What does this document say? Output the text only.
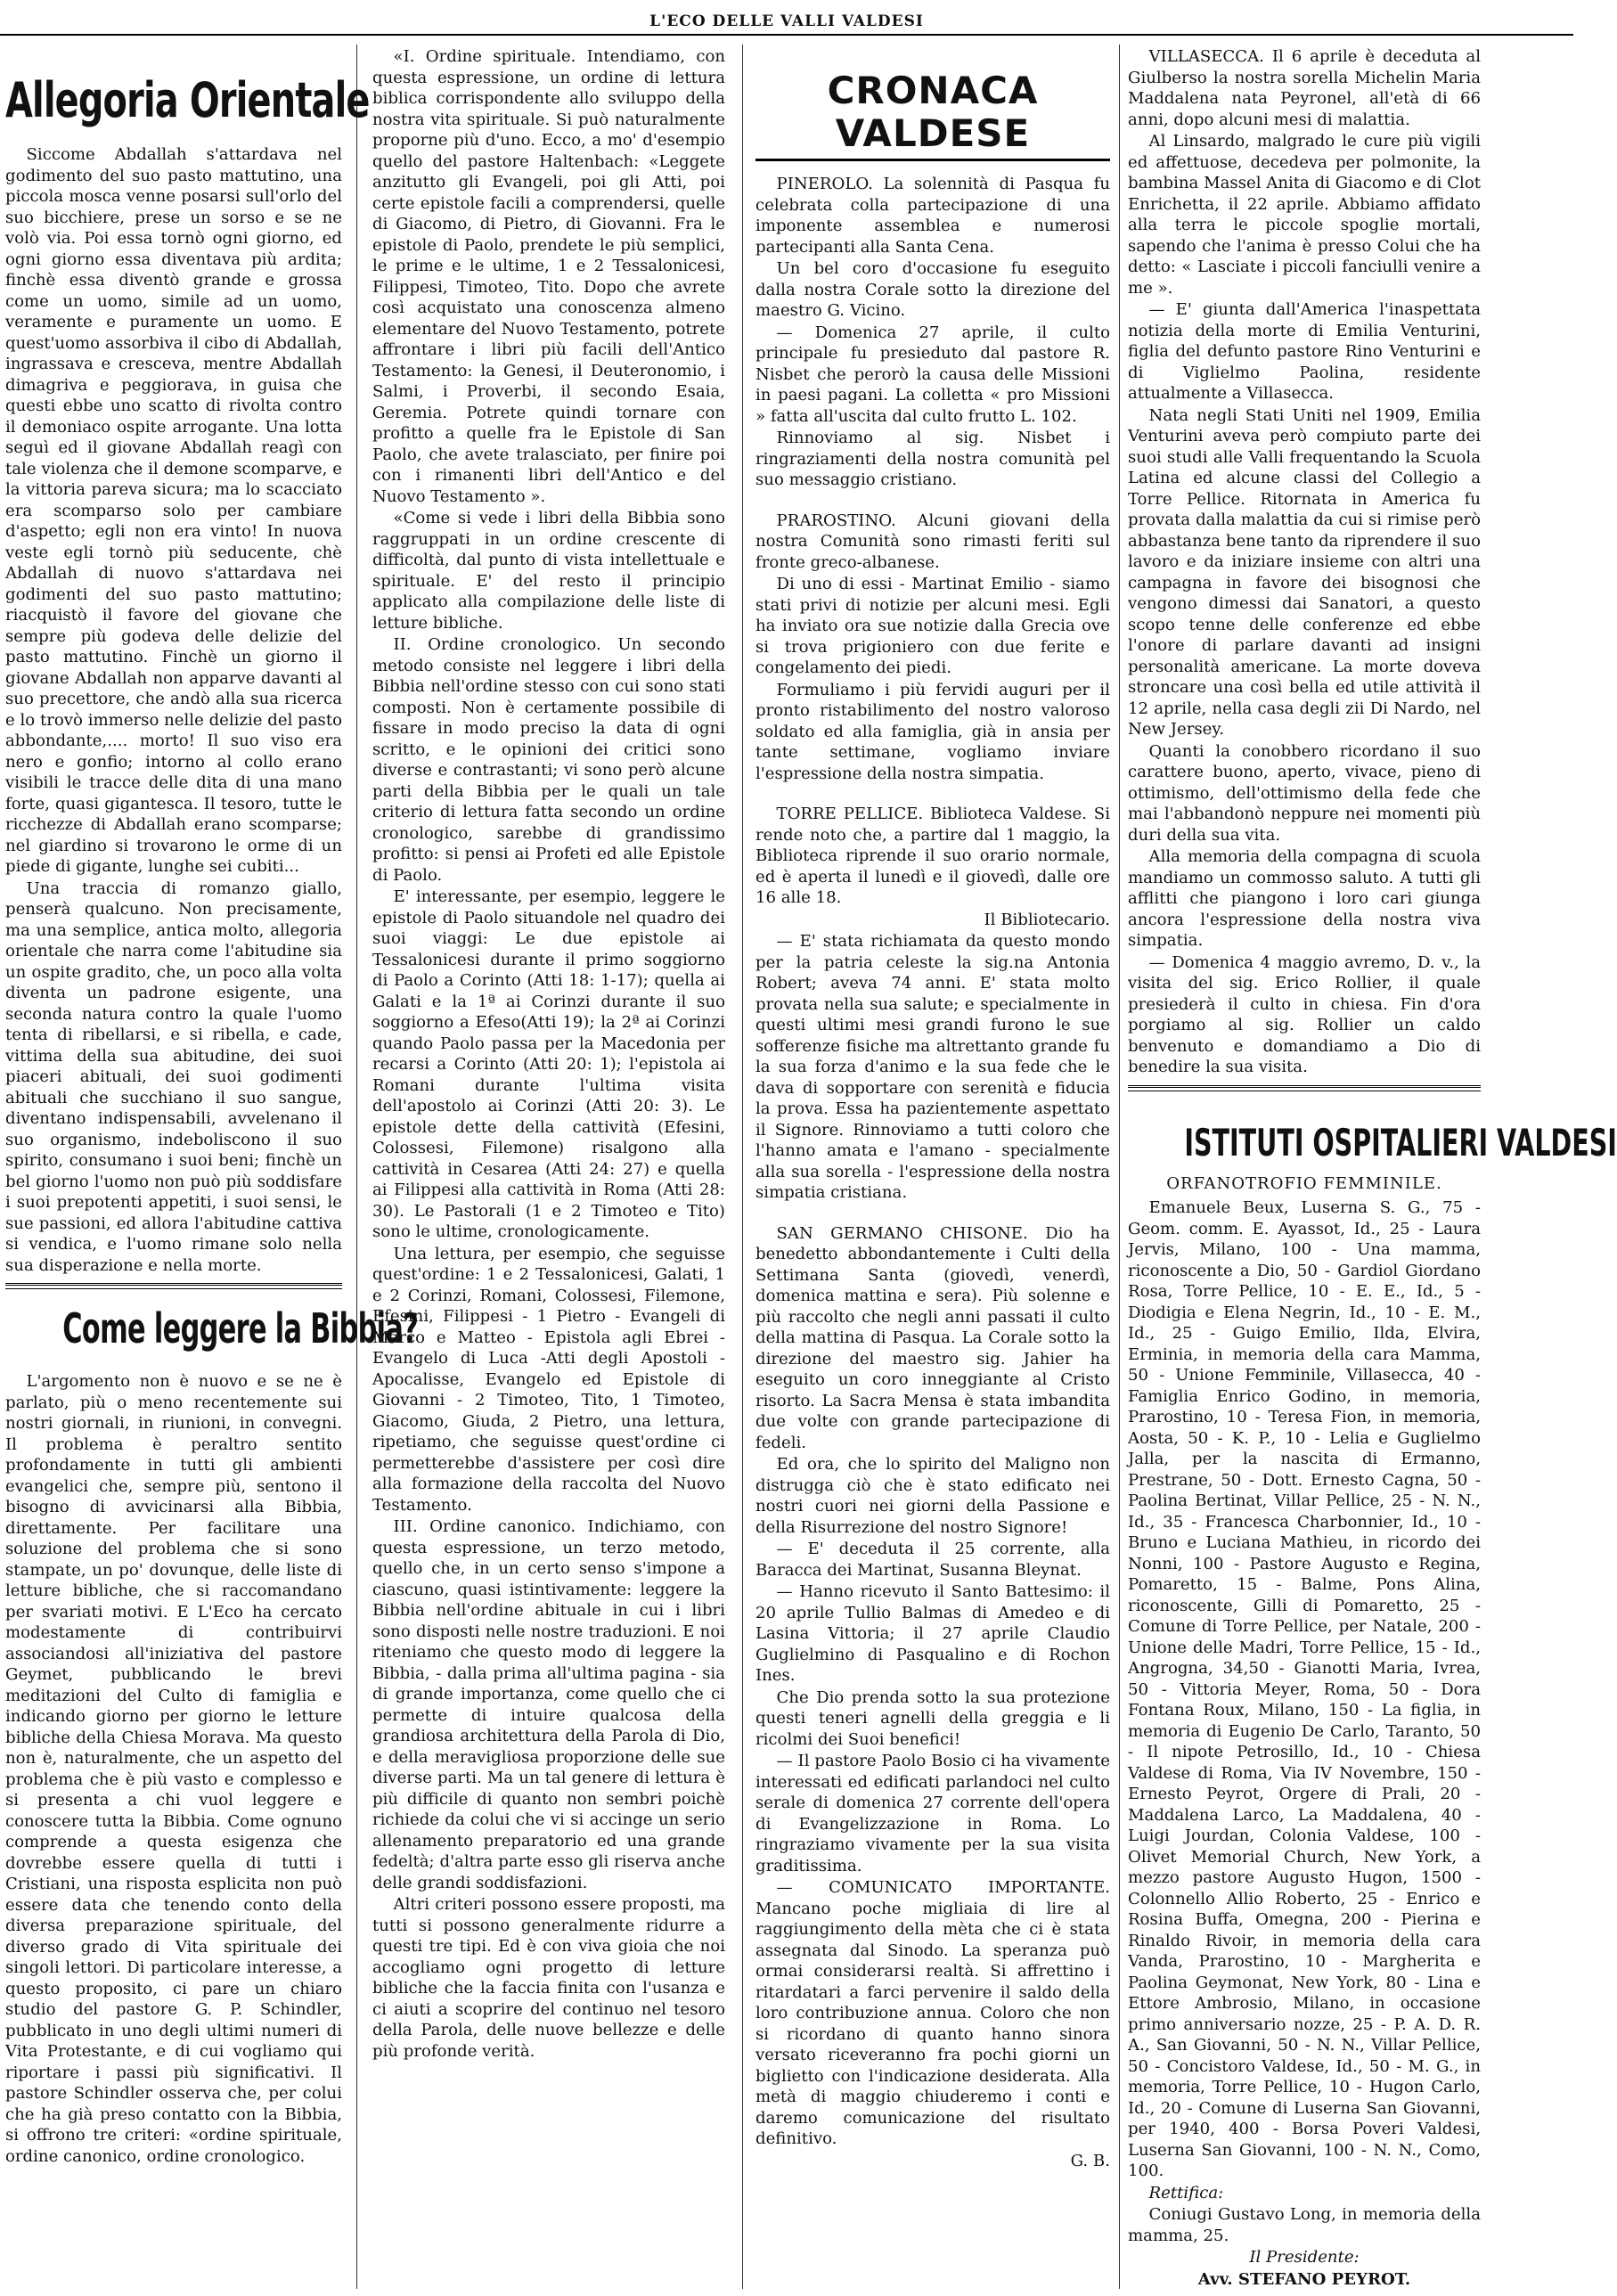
L'ECO DELLE VALLI VALDESI
Allegoria Orientale

Siccome Abdallah s'attardava nel godimento del suo pasto mattutino, una piccola mosca venne posarsi sull'orlo del suo bicchiere, prese un sorso e se ne volò via. Poi essa tornò ogni giorno, ed ogni giorno essa diventava più ardita; finchè essa diventò grande e grossa come un uomo, simile ad un uomo, veramente e puramente un uomo. E quest'uomo assorbiva il cibo di Abdallah, ingrassava e cresceva, mentre Abdallah dimagriva e peggiorava, in guisa che questi ebbe uno scatto di rivolta contro il demoniaco ospite arrogante. Una lotta seguì ed il giovane Abdallah reagì con tale violenza che il demone scomparve, e la vittoria pareva sicura; ma lo scacciato era scomparso solo per cambiare d'aspetto; egli non era vinto! In nuova veste egli tornò più seducente, chè Abdallah di nuovo s'attardava nei godimenti del suo pasto mattutino; riacquistò il favore del giovane che sempre più godeva delle delizie del pasto mattutino. Finchè un giorno il giovane Abdallah non apparve davanti al suo precettore, che andò alla sua ricerca e lo trovò immerso nelle delizie del pasto abbondante,.... morto! Il suo viso era nero e gonfio; intorno al collo erano visibili le tracce delle dita di una mano forte, quasi gigantesca. Il tesoro, tutte le ricchezze di Abdallah erano scomparse; nel giardino si trovarono le orme di un piede di gigante, lunghe sei cubiti...

Una traccia di romanzo giallo, penserà qualcuno. Non precisamente, ma una semplice, antica molto, allegoria orientale che narra come l'abitudine sia un ospite gradito, che, un poco alla volta diventa un padrone esigente, una seconda natura contro la quale l'uomo tenta di ribellarsi, e si ribella, e cade, vittima della sua abitudine, dei suoi piaceri abituali, dei suoi godimenti abituali che succhiano il suo sangue, diventano indispensabili, avvelenano il suo organismo, indeboliscono il suo spirito, consumano i suoi beni; finchè un bel giorno l'uomo non può più soddisfare i suoi prepotenti appetiti, i suoi sensi, le sue passioni, ed allora l'abitudine cattiva si vendica, e l'uomo rimane solo nella sua disperazione e nella morte.

Come leggere la Bibbia?

L'argomento non è nuovo e se ne è parlato, più o meno recentemente sui nostri giornali, in riunioni, in convegni. Il problema è peraltro sentito profondamente in tutti gli ambienti evangelici che, sempre più, sentono il bisogno di avvicinarsi alla Bibbia, direttamente. Per facilitare una soluzione del problema che si sono stampate, un po' dovunque, delle liste di letture bibliche, che si raccomandano per svariati motivi. E L'Eco ha cercato modestamente di contribuirvi associandosi all'iniziativa del pastore Geymet, pubblicando le brevi meditazioni del Culto di famiglia e indicando giorno per giorno le letture bibliche della Chiesa Morava. Ma questo non è, naturalmente, che un aspetto del problema che è più vasto e complesso e si presenta a chi vuol leggere e conoscere tutta la Bibbia. Come ognuno comprende a questa esigenza che dovrebbe essere quella di tutti i Cristiani, una risposta esplicita non può essere data che tenendo conto della diversa preparazione spirituale, del diverso grado di Vita spirituale dei singoli lettori. Di particolare interesse, a questo proposito, ci pare un chiaro studio del pastore G. P. Schindler, pubblicato in uno degli ultimi numeri di Vita Protestante, e di cui vogliamo qui riportare i passi più significativi. Il pastore Schindler osserva che, per colui che ha già preso contatto con la Bibbia, si offrono tre criteri: «ordine spirituale, ordine canonico, ordine cronologico.

«I. Ordine spirituale. Intendiamo, con questa espressione, un ordine di lettura biblica corrispondente allo sviluppo della nostra vita spirituale. Si può naturalmente proporne più d'uno. Ecco, a mo' d'esempio quello del pastore Haltenbach: «Leggete anzitutto gli Evangeli, poi gli Atti, poi certe epistole facili a comprendersi, quelle di Giacomo, di Pietro, di Giovanni. Fra le epistole di Paolo, prendete le più semplici, le prime e le ultime, 1 e 2 Tessalonicesi, Filippesi, Timoteo, Tito. Dopo che avrete così acquistato una conoscenza almeno elementare del Nuovo Testamento, potrete affrontare i libri più facili dell'Antico Testamento: la Genesi, il Deuteronomio, i Salmi, i Proverbi, il secondo Esaia, Geremia. Potrete quindi tornare con profitto a quelle fra le Epistole di San Paolo, che avete tralasciato, per finire poi con i rimanenti libri dell'Antico e del Nuovo Testamento ».

«Come si vede i libri della Bibbia sono raggruppati in un ordine crescente di difficoltà, dal punto di vista intellettuale e spirituale. E' del resto il principio applicato alla compilazione delle liste di letture bibliche.

II. Ordine cronologico. Un secondo metodo consiste nel leggere i libri della Bibbia nell'ordine stesso con cui sono stati composti. Non è certamente possibile di fissare in modo preciso la data di ogni scritto, e le opinioni dei critici sono diverse e contrastanti; vi sono però alcune parti della Bibbia per le quali un tale criterio di lettura fatta secondo un ordine cronologico, sarebbe di grandissimo profitto: si pensi ai Profeti ed alle Epistole di Paolo.

E' interessante, per esempio, leggere le epistole di Paolo situandole nel quadro dei suoi viaggi: Le due epistole ai Tessalonicesi durante il primo soggiorno di Paolo a Corinto (Atti 18: 1-17); quella ai Galati e la 1ª ai Corinzi durante il suo soggiorno a Efeso(Atti 19); la 2ª ai Corinzi quando Paolo passa per la Macedonia per recarsi a Corinto (Atti 20: 1); l'epistola ai Romani durante l'ultima visita dell'apostolo ai Corinzi (Atti 20: 3). Le epistole dette della cattività (Efesini, Colossesi, Filemone) risalgono alla cattività in Cesarea (Atti 24: 27) e quella ai Filippesi alla cattività in Roma (Atti 28: 30). Le Pastorali (1 e 2 Timoteo e Tito) sono le ultime, cronologicamente.

Una lettura, per esempio, che seguisse quest'ordine: 1 e 2 Tessalonicesi, Galati, 1 e 2 Corinzi, Romani, Colossesi, Filemone, Efesini, Filippesi - 1 Pietro - Evangeli di Marco e Matteo - Epistola agli Ebrei - Evangelo di Luca -Atti degli Apostoli - Apocalisse, Evangelo ed Epistole di Giovanni - 2 Timoteo, Tito, 1 Timoteo, Giacomo, Giuda, 2 Pietro, una lettura, ripetiamo, che seguisse quest'ordine ci permetterebbe d'assistere per così dire alla formazione della raccolta del Nuovo Testamento.

III. Ordine canonico. Indichiamo, con questa espressione, un terzo metodo, quello che, in un certo senso s'impone a ciascuno, quasi istintivamente: leggere la Bibbia nell'ordine abituale in cui i libri sono disposti nelle nostre traduzioni. E noi riteniamo che questo modo di leggere la Bibbia, - dalla prima all'ultima pagina - sia di grande importanza, come quello che ci permette di intuire qualcosa della grandiosa architettura della Parola di Dio, e della meravigliosa proporzione delle sue diverse parti. Ma un tal genere di lettura è più difficile di quanto non sembri poichè richiede da colui che vi si accinge un serio allenamento preparatorio ed una grande fedeltà; d'altra parte esso gli riserva anche delle grandi soddisfazioni.

Altri criteri possono essere proposti, ma tutti si possono generalmente ridurre a questi tre tipi. Ed è con viva gioia che noi accogliamo ogni progetto di letture bibliche che la faccia finita con l'usanza e ci aiuti a scoprire del continuo nel tesoro della Parola, delle nuove bellezze e delle più profonde verità.

CRONACA VALDESE

PINEROLO. La solennità di Pasqua fu celebrata colla partecipazione di una imponente assemblea e numerosi partecipanti alla Santa Cena.

Un bel coro d'occasione fu eseguito dalla nostra Corale sotto la direzione del maestro G. Vicino.

— Domenica 27 aprile, il culto principale fu presieduto dal pastore R. Nisbet che perorò la causa delle Missioni in paesi pagani. La colletta « pro Missioni » fatta all'uscita dal culto frutto L. 102.

Rinnoviamo al sig. Nisbet i ringraziamenti della nostra comunità pel suo messaggio cristiano.

PRAROSTINO. Alcuni giovani della nostra Comunità sono rimasti feriti sul fronte greco-albanese.

Di uno di essi - Martinat Emilio - siamo stati privi di notizie per alcuni mesi. Egli ha inviato ora sue notizie dalla Grecia ove si trova prigioniero con due ferite e congelamento dei piedi.

Formuliamo i più fervidi auguri per il pronto ristabilimento del nostro valoroso soldato ed alla famiglia, già in ansia per tante settimane, vogliamo inviare l'espressione della nostra simpatia.

TORRE PELLICE. Biblioteca Valdese. Si rende noto che, a partire dal 1 maggio, la Biblioteca riprende il suo orario normale, ed è aperta il lunedì e il giovedì, dalle ore 16 alle 18.

Il Bibliotecario.

— E' stata richiamata da questo mondo per la patria celeste la sig.na Antonia Robert; aveva 74 anni. E' stata molto provata nella sua salute; e specialmente in questi ultimi mesi grandi furono le sue sofferenze fisiche ma altrettanto grande fu la sua forza d'animo e la sua fede che le dava di sopportare con serenità e fiducia la prova. Essa ha pazientemente aspettato il Signore. Rinnoviamo a tutti coloro che l'hanno amata e l'amano - specialmente alla sua sorella - l'espressione della nostra simpatia cristiana.

SAN GERMANO CHISONE. Dio ha benedetto abbondantemente i Culti della Settimana Santa (giovedì, venerdì, domenica mattina e sera). Più solenne e più raccolto che negli anni passati il culto della mattina di Pasqua. La Corale sotto la direzione del maestro sig. Jahier ha eseguito un coro inneggiante al Cristo risorto. La Sacra Mensa è stata imbandita due volte con grande partecipazione di fedeli.

Ed ora, che lo spirito del Maligno non distrugga ciò che è stato edificato nei nostri cuori nei giorni della Passione e della Risurrezione del nostro Signore!

— E' deceduta il 25 corrente, alla Baracca dei Martinat, Susanna Bleynat.

— Hanno ricevuto il Santo Battesimo: il 20 aprile Tullio Balmas di Amedeo e di Lasina Vittoria; il 27 aprile Claudio Guglielmino di Pasqualino e di Rochon Ines.

Che Dio prenda sotto la sua protezione questi teneri agnelli della greggia e li ricolmi dei Suoi benefici!

— Il pastore Paolo Bosio ci ha vivamente interessati ed edificati parlandoci nel culto serale di domenica 27 corrente dell'opera di Evangelizzazione in Roma. Lo ringraziamo vivamente per la sua visita graditissima.

— COMUNICATO IMPORTANTE. Mancano poche migliaia di lire al raggiungimento della mèta che ci è stata assegnata dal Sinodo. La speranza può ormai considerarsi realtà. Si affrettino i ritardatari a farci pervenire il saldo della loro contribuzione annua. Coloro che non si ricordano di quanto hanno sinora versato riceveranno fra pochi giorni un biglietto con l'indicazione desiderata. Alla metà di maggio chiuderemo i conti e daremo comunicazione del risultato definitivo.

G. B.

VILLASECCA. Il 6 aprile è deceduta al Giulberso la nostra sorella Michelin Maria Maddalena nata Peyronel, all'età di 66 anni, dopo alcuni mesi di malattia.

Al Linsardo, malgrado le cure più vigili ed affettuose, decedeva per polmonite, la bambina Massel Anita di Giacomo e di Clot Enrichetta, il 22 aprile. Abbiamo affidato alla terra le piccole spoglie mortali, sapendo che l'anima è presso Colui che ha detto: « Lasciate i piccoli fanciulli venire a me ».

— E' giunta dall'America l'inaspettata notizia della morte di Emilia Venturini, figlia del defunto pastore Rino Venturini e di Viglielmo Paolina, residente attualmente a Villasecca.

Nata negli Stati Uniti nel 1909, Emilia Venturini aveva però compiuto parte dei suoi studi alle Valli frequentando la Scuola Latina ed alcune classi del Collegio a Torre Pellice. Ritornata in America fu provata dalla malattia da cui si rimise però abbastanza bene tanto da riprendere il suo lavoro e da iniziare insieme con altri una campagna in favore dei bisognosi che vengono dimessi dai Sanatori, a questo scopo tenne delle conferenze ed ebbe l'onore di parlare davanti ad insigni personalità americane. La morte doveva stroncare una così bella ed utile attività il 12 aprile, nella casa degli zii Di Nardo, nel New Jersey.

Quanti la conobbero ricordano il suo carattere buono, aperto, vivace, pieno di ottimismo, dell'ottimismo della fede che mai l'abbandonò neppure nei momenti più duri della sua vita.

Alla memoria della compagna di scuola mandiamo un commosso saluto. A tutti gli afflitti che piangono i loro cari giunga ancora l'espressione della nostra viva simpatia.

— Domenica 4 maggio avremo, D. v., la visita del sig. Erico Rollier, il quale presiederà il culto in chiesa. Fin d'ora porgiamo al sig. Rollier un caldo benvenuto e domandiamo a Dio di benedire la sua visita.

ISTITUTI OSPITALIERI VALDESI

ORFANOTROFIO FEMMINILE.

Emanuele Beux, Luserna S. G., 75 - Geom. comm. E. Ayassot, Id., 25 - Laura Jervis, Milano, 100 - Una mamma, riconoscente a Dio, 50 - Gardiol Giordano Rosa, Torre Pellice, 10 - E. E., Id., 5 - Diodigia e Elena Negrin, Id., 10 - E. M., Id., 25 - Guigo Emilio, Ilda, Elvira, Erminia, in memoria della cara Mamma, 50 - Unione Femminile, Villasecca, 40 - Famiglia Enrico Godino, in memoria, Prarostino, 10 - Teresa Fion, in memoria, Aosta, 50 - K. P., 10 - Lelia e Guglielmo Jalla, per la nascita di Ermanno, Prestrane, 50 - Dott. Ernesto Cagna, 50 - Paolina Bertinat, Villar Pellice, 25 - N. N., Id., 35 - Francesca Charbonnier, Id., 10 - Bruno e Luciana Mathieu, in ricordo dei Nonni, 100 - Pastore Augusto e Regina, Pomaretto, 15 - Balme, Pons Alina, riconoscente, Gilli di Pomaretto, 25 - Comune di Torre Pellice, per Natale, 200 - Unione delle Madri, Torre Pellice, 15 - Id., Angrogna, 34,50 - Gianotti Maria, Ivrea, 50 - Vittoria Meyer, Roma, 50 - Dora Fontana Roux, Milano, 150 - La figlia, in memoria di Eugenio De Carlo, Taranto, 50 - Il nipote Petrosillo, Id., 10 - Chiesa Valdese di Roma, Via IV Novembre, 150 - Ernesto Peyrot, Orgere di Prali, 20 - Maddalena Larco, La Maddalena, 40 - Luigi Jourdan, Colonia Valdese, 100 - Olivet Memorial Church, New York, a mezzo pastore Augusto Hugon, 1500 - Colonnello Allio Roberto, 25 - Enrico e Rosina Buffa, Omegna, 200 - Pierina e Rinaldo Rivoir, in memoria della cara Vanda, Prarostino, 10 - Margherita e Paolina Geymonat, New York, 80 - Lina e Ettore Ambrosio, Milano, in occasione primo anniversario nozze, 25 - P. A. D. R. A., San Giovanni, 50 - N. N., Villar Pellice, 50 - Concistoro Valdese, Id., 50 - M. G., in memoria, Torre Pellice, 10 - Hugon Carlo, Id., 20 - Comune di Luserna San Giovanni, per 1940, 400 - Borsa Poveri Valdesi, Luserna San Giovanni, 100 - N. N., Como, 100.

Rettifica:

Coniugi Gustavo Long, in memoria della mamma, 25.

Il Presidente:

Avv. STEFANO PEYROT.
